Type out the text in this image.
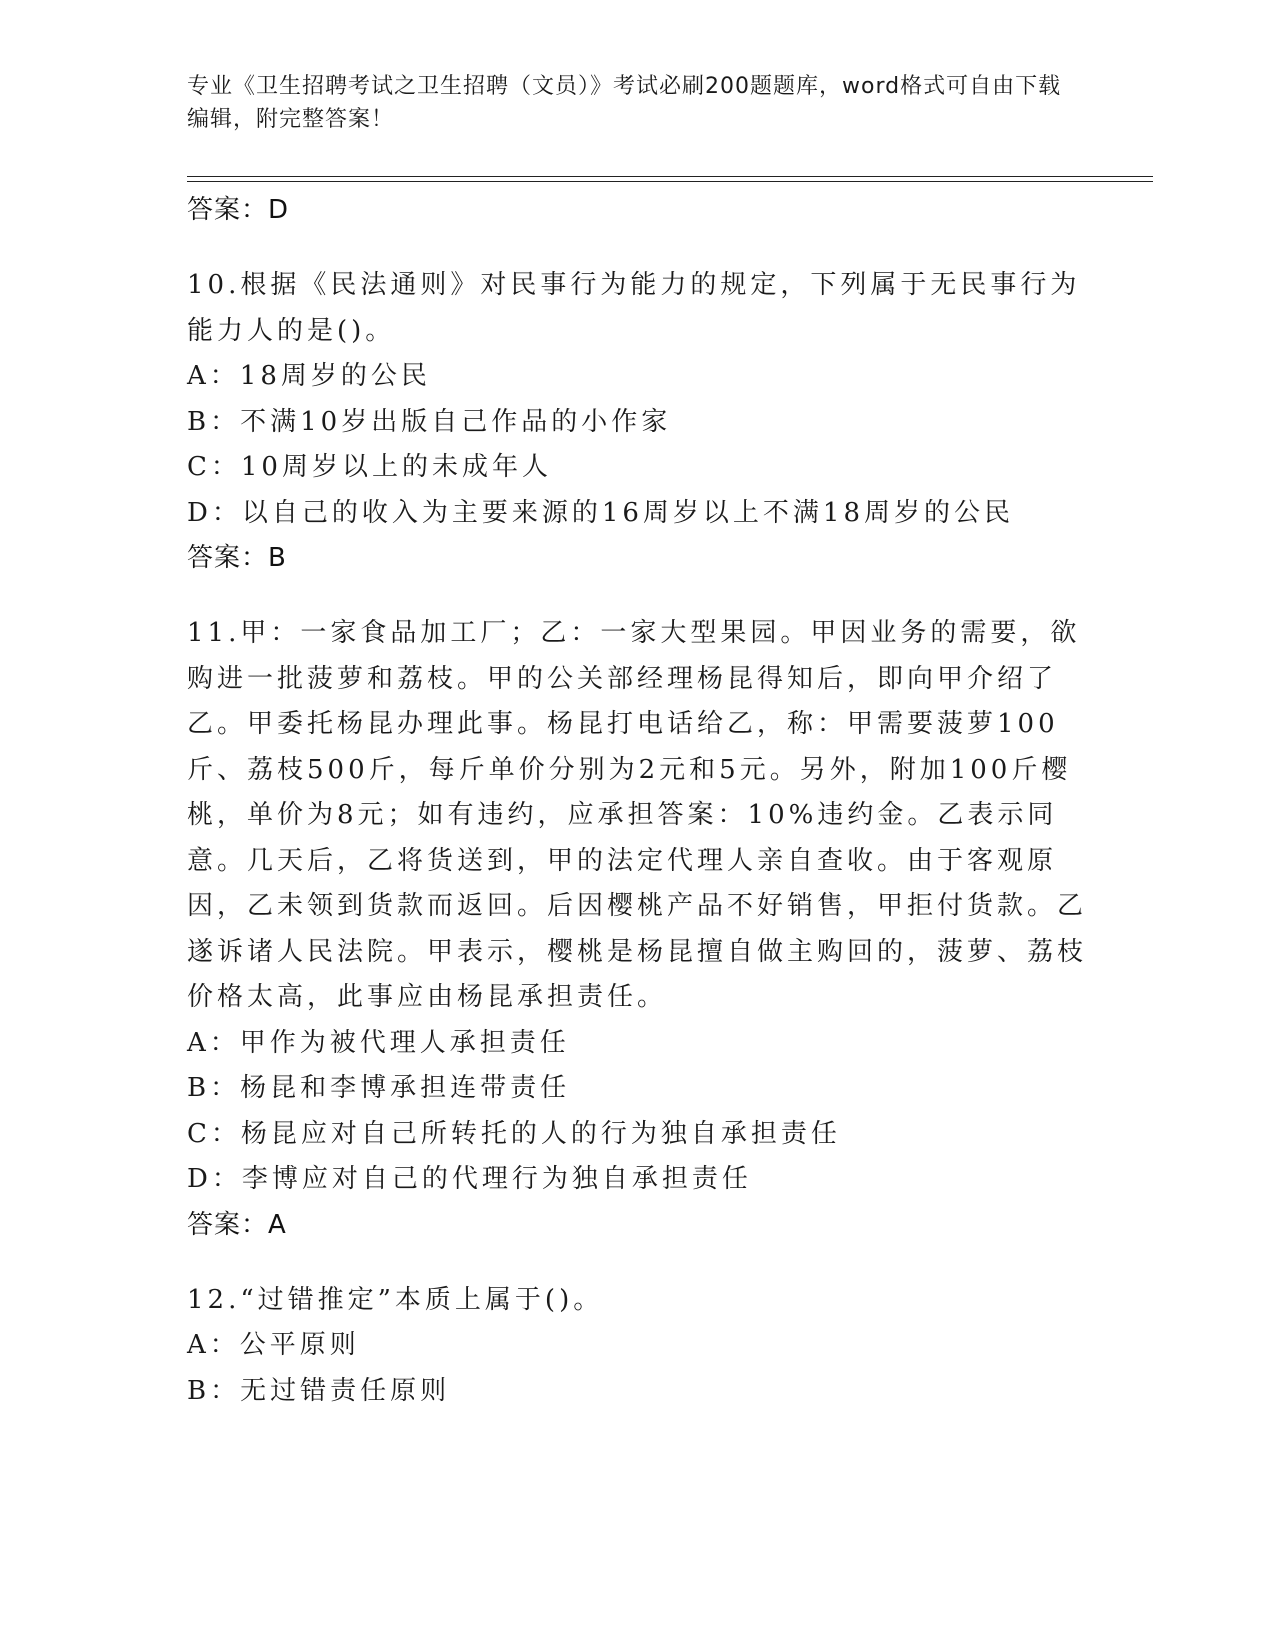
专业《卫生招聘考试之卫生招聘（文员）》考试必刷200题题库，word格式可自由下载编辑，附完整答案！
答案：D
10.根据《民法通则》对民事行为能力的规定，下列属于无民事行为能力人的是()。
A：18周岁的公民
B：不满10岁出版自己作品的小作家
C：10周岁以上的未成年人
D：以自己的收入为主要来源的16周岁以上不满18周岁的公民
答案：B
11.甲：一家食品加工厂；乙：一家大型果园。甲因业务的需要，欲购进一批菠萝和荔枝。甲的公关部经理杨昆得知后，即向甲介绍了乙。甲委托杨昆办理此事。杨昆打电话给乙，称：甲需要菠萝100斤、荔枝500斤，每斤单价分别为2元和5元。另外，附加100斤樱桃，单价为8元；如有违约，应承担答案：10%违约金。乙表示同意。几天后，乙将货送到，甲的法定代理人亲自查收。由于客观原因，乙未领到货款而返回。后因樱桃产品不好销售，甲拒付货款。乙遂诉诸人民法院。甲表示，樱桃是杨昆擅自做主购回的，菠萝、荔枝价格太高，此事应由杨昆承担责任。
A：甲作为被代理人承担责任
B：杨昆和李博承担连带责任
C：杨昆应对自己所转托的人的行为独自承担责任
D：李博应对自己的代理行为独自承担责任
答案：A
12.“过错推定”本质上属于()。
A：公平原则
B：无过错责任原则
